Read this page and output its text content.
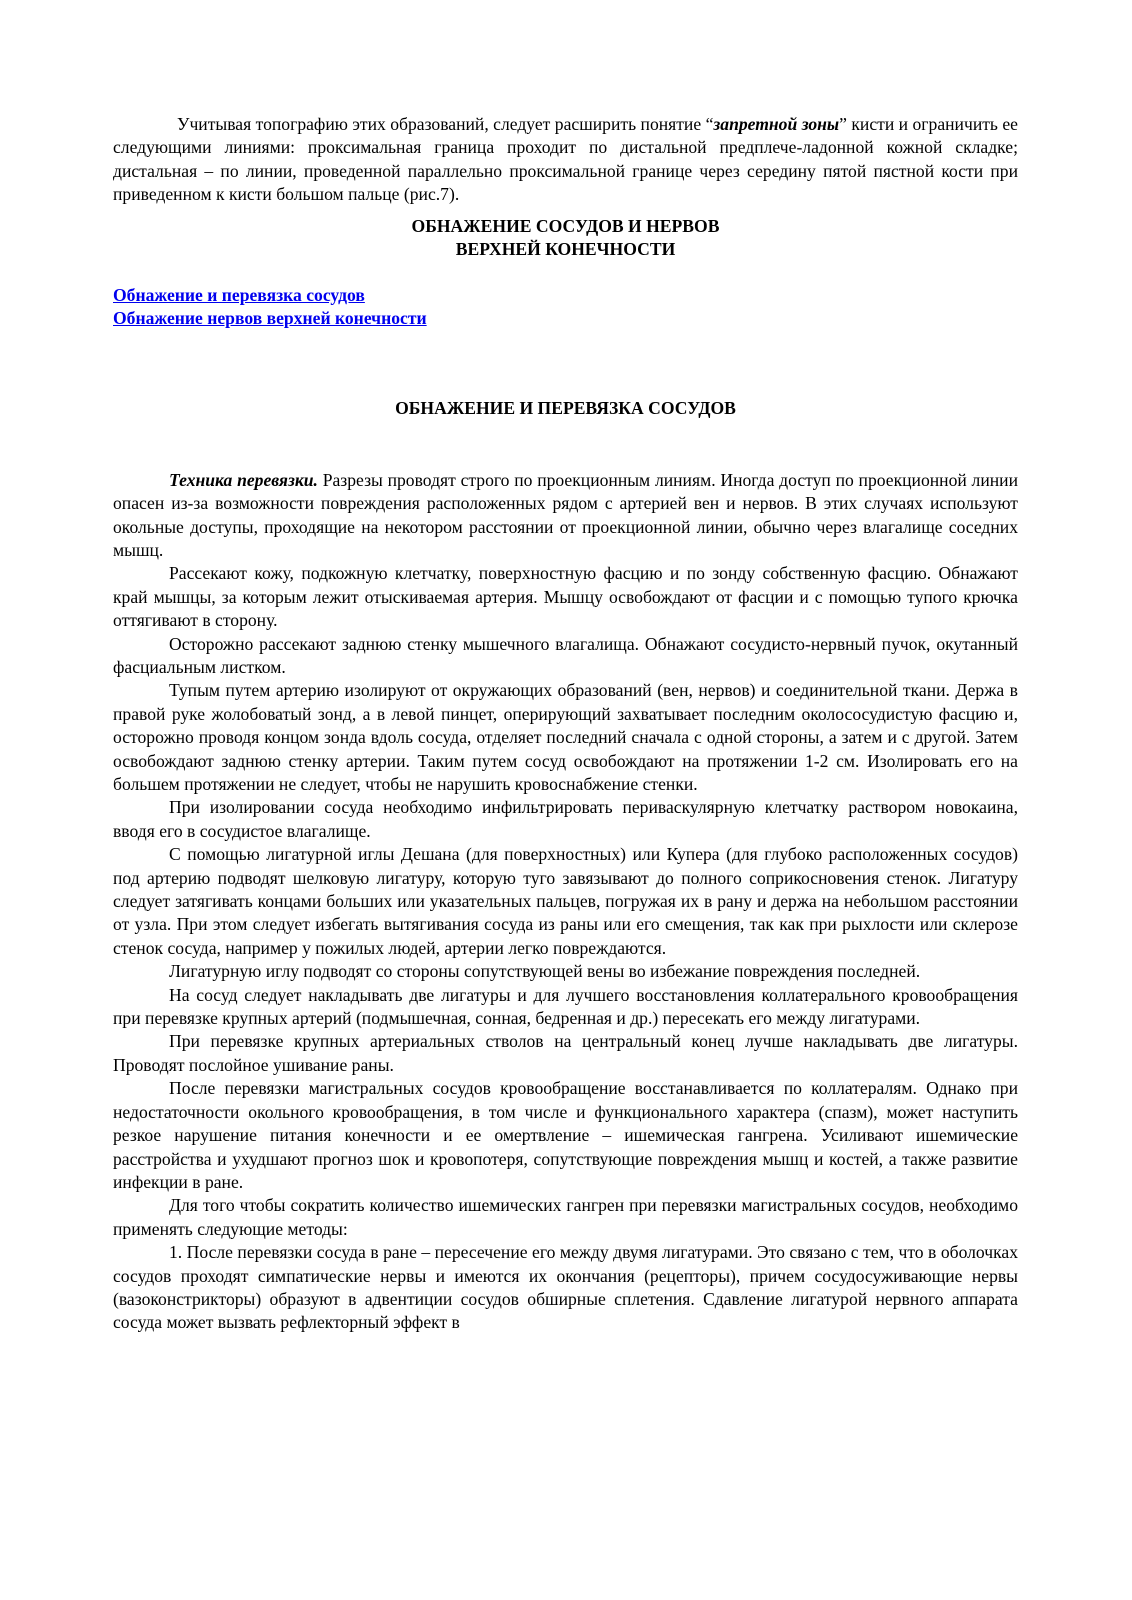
Учитывая топографию этих образований, следует расширить понятие “запретной зоны” кисти и ограничить ее следующими линиями: проксимальная граница проходит по дистальной предплече-ладонной кожной складке; дистальная – по линии, проведенной параллельно проксимальной границе через середину пятой пястной кости при приведенном к кисти большом пальце (рис.7).

ОБНАЖЕНИЕ СОСУДОВ И НЕРВОВ
ВЕРХНЕЙ КОНЕЧНОСТИ
Обнажение и перевязка сосудов
Обнажение нервов верхней конечности
ОБНАЖЕНИЕ И ПЕРЕВЯЗКА СОСУДОВ

Техника перевязки. Разрезы проводят строго по проекционным линиям. Иногда доступ по проекционной линии опасен из-за возможности повреждения расположенных рядом с артерией вен и нервов. В этих случаях используют окольные доступы, проходящие на некотором расстоянии от проекционной линии, обычно через влагалище соседних мышц.

Рассекают кожу, подкожную клетчатку, поверхностную фасцию и по зонду собственную фасцию. Обнажают край мышцы, за которым лежит отыскиваемая артерия. Мышцу освобождают от фасции и с помощью тупого крючка оттягивают в сторону.

Осторожно рассекают заднюю стенку мышечного влагалища. Обнажают сосудисто-нервный пучок, окутанный фасциальным листком.

Тупым путем артерию изолируют от окружающих образований (вен, нервов) и соединительной ткани. Держа в правой руке жолобоватый зонд, а в левой пинцет, оперирующий захватывает последним околососудистую фасцию и, осторожно проводя концом зонда вдоль сосуда, отделяет последний сначала с одной стороны, а затем и с другой. Затем освобождают заднюю стенку артерии. Таким путем сосуд освобождают на протяжении 1-2 см. Изолировать его на большем протяжении не следует, чтобы не нарушить кровоснабжение стенки.

При изолировании сосуда необходимо инфильтрировать периваскулярную клетчатку раствором новокаина, вводя его в сосудистое влагалище.

С помощью лигатурной иглы Дешана (для поверхностных) или Купера (для глубоко расположенных сосудов) под артерию подводят шелковую лигатуру, которую туго завязывают до полного соприкосновения стенок. Лигатуру следует затягивать концами больших или указательных пальцев, погружая их в рану и держа на небольшом расстоянии от узла. При этом следует избегать вытягивания сосуда из раны или его смещения, так как при рыхлости или склерозе стенок сосуда, например у пожилых людей, артерии легко повреждаются.

Лигатурную иглу подводят со стороны сопутствующей вены во избежание повреждения последней.

На сосуд следует накладывать две лигатуры и для лучшего восстановления коллатерального кровообращения при перевязке крупных артерий (подмышечная, сонная, бедренная и др.) пересекать его между лигатурами.

При перевязке крупных артериальных стволов на центральный конец лучше накладывать две лигатуры. Проводят послойное ушивание раны.

После перевязки магистральных сосудов кровообращение восстанавливается по коллатералям. Однако при недостаточности окольного кровообращения, в том числе и функционального характера (спазм), может наступить резкое нарушение питания конечности и ее омертвление – ишемическая гангрена. Усиливают ишемические расстройства и ухудшают прогноз шок и кровопотеря, сопутствующие повреждения мышц и костей, а также развитие инфекции в ране.

Для того чтобы сократить количество ишемических гангрен при перевязки магистральных сосудов, необходимо применять следующие методы:

1. После перевязки сосуда в ране – пересечение его между двумя лигатурами. Это связано с тем, что в оболочках сосудов проходят симпатические нервы и имеются их окончания (рецепторы), причем сосудосуживающие нервы (вазоконстрикторы) образуют в адвентиции сосудов обширные сплетения. Сдавление лигатурой нервного аппарата сосуда может вызвать рефлекторный эффект в
